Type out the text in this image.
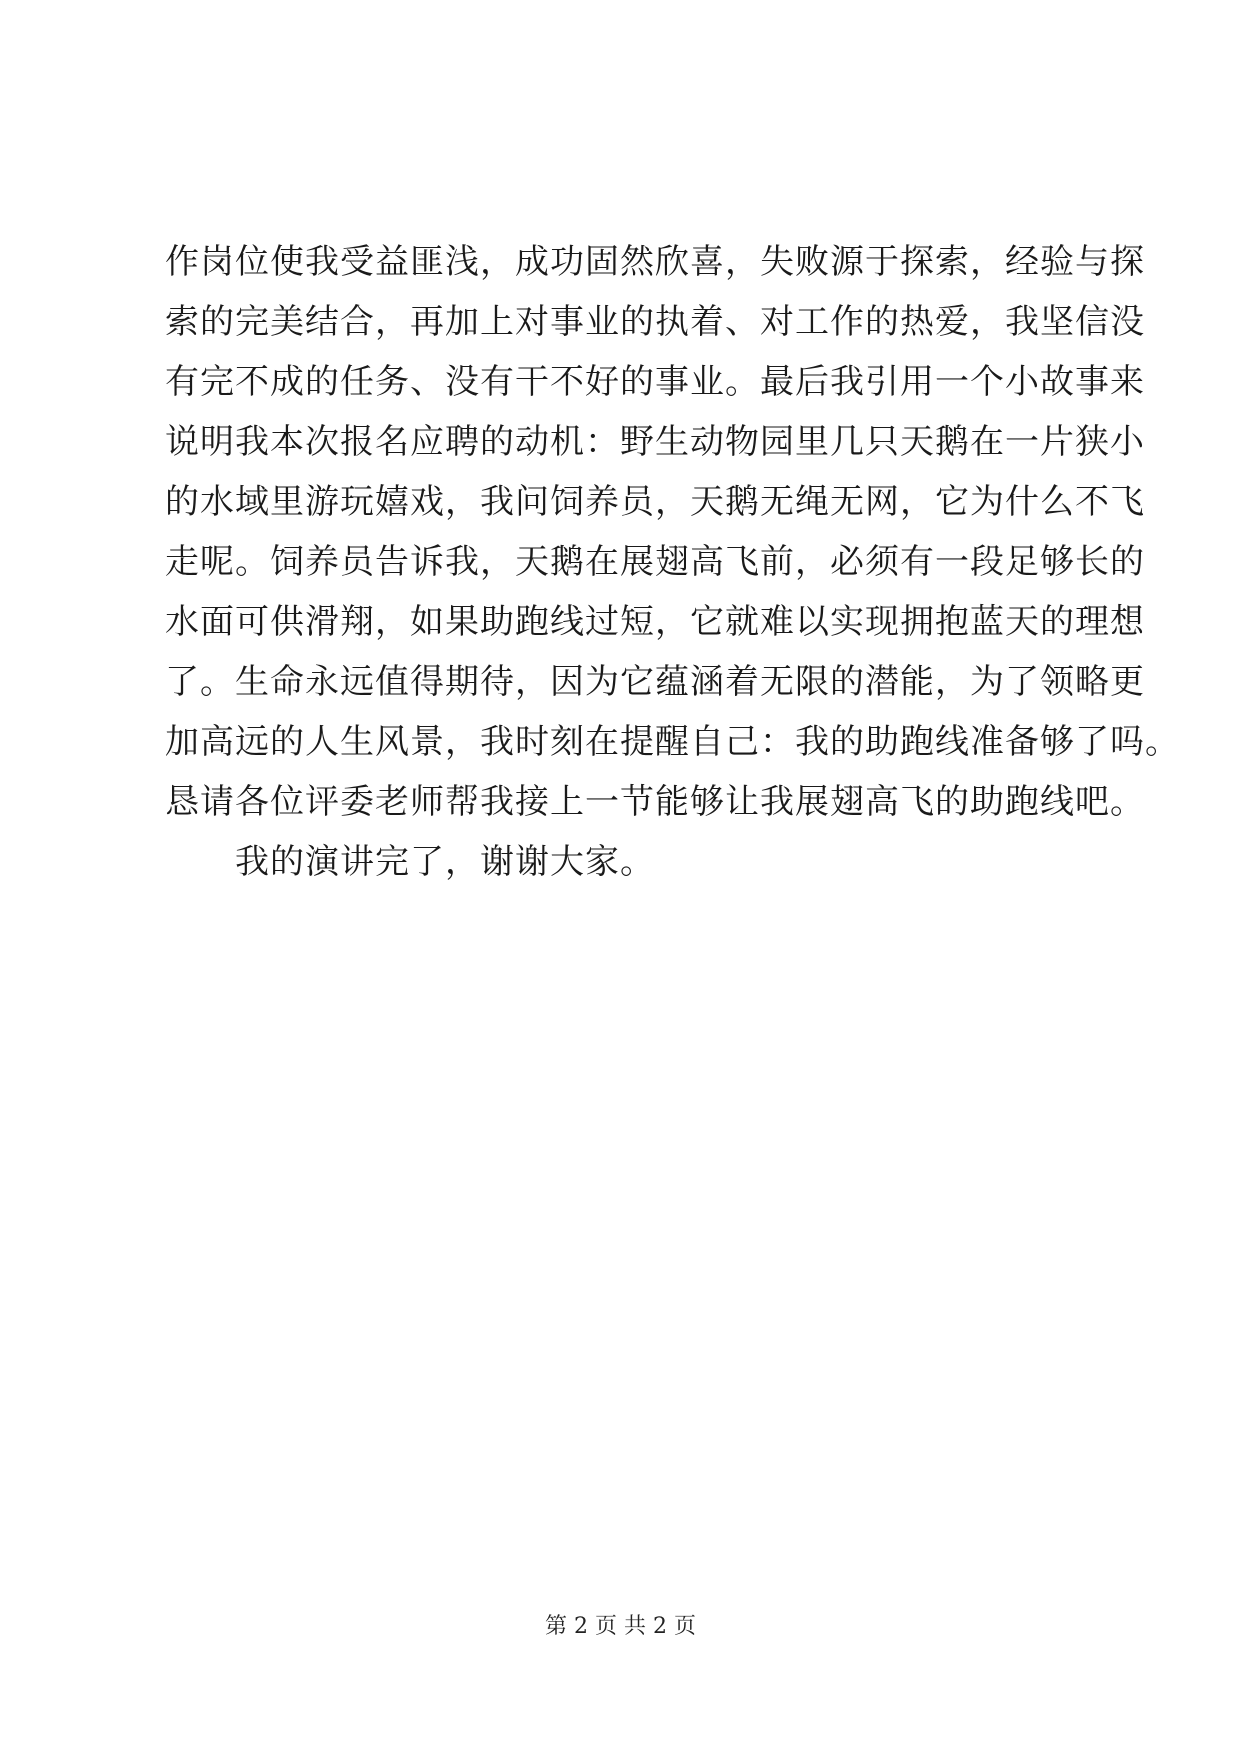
作岗位使我受益匪浅，成功固然欣喜，失败源于探索，经验与探
索的完美结合，再加上对事业的执着、对工作的热爱，我坚信没
有完不成的任务、没有干不好的事业。最后我引用一个小故事来
说明我本次报名应聘的动机：野生动物园里几只天鹅在一片狭小
的水域里游玩嬉戏，我问饲养员，天鹅无绳无网，它为什么不飞
走呢。饲养员告诉我，天鹅在展翅高飞前，必须有一段足够长的
水面可供滑翔，如果助跑线过短，它就难以实现拥抱蓝天的理想
了。生命永远值得期待，因为它蕴涵着无限的潜能，为了领略更
加高远的人生风景，我时刻在提醒自己：我的助跑线准备够了吗。
恳请各位评委老师帮我接上一节能够让我展翅高飞的助跑线吧。
我的演讲完了，谢谢大家。
第 2 页 共 2 页
